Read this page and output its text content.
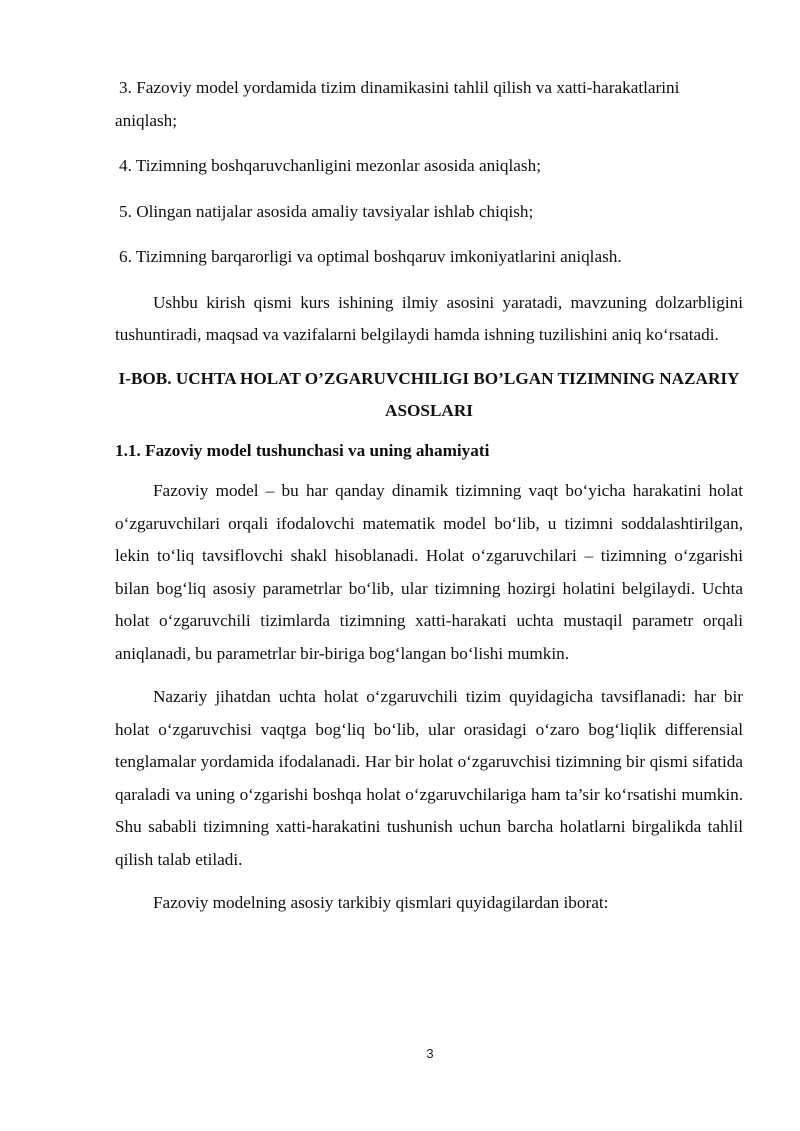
3. Fazoviy model yordamida tizim dinamikasini tahlil qilish va xatti-harakatlarini aniqlash;

4. Tizimning boshqaruvchanligini mezonlar asosida aniqlash;

5. Olingan natijalar asosida amaliy tavsiyalar ishlab chiqish;

6. Tizimning barqarorligi va optimal boshqaruv imkoniyatlarini aniqlash.

Ushbu kirish qismi kurs ishining ilmiy asosini yaratadi, mavzuning dolzarbligini tushuntiradi, maqsad va vazifalarni belgilaydi hamda ishning tuzilishini aniq ko‘rsatadi.

I-BOB. UCHTA HOLAT O’ZGARUVCHILIGI BO’LGAN TIZIMNING NAZARIY ASOSLARI

1.1. Fazoviy model tushunchasi va uning ahamiyati

Fazoviy model – bu har qanday dinamik tizimning vaqt bo‘yicha harakatini holat o‘zgaruvchilari orqali ifodalovchi matematik model bo‘lib, u tizimni soddalashtirilgan, lekin to‘liq tavsiflovchi shakl hisoblanadi. Holat o‘zgaruvchilari – tizimning o‘zgarishi bilan bog‘liq asosiy parametrlar bo‘lib, ular tizimning hozirgi holatini belgilaydi. Uchta holat o‘zgaruvchili tizimlarda tizimning xatti-harakati uchta mustaqil parametr orqali aniqlanadi, bu parametrlar bir-biriga bog‘langan bo‘lishi mumkin.

Nazariy jihatdan uchta holat o‘zgaruvchili tizim quyidagicha tavsiflanadi: har bir holat o‘zgaruvchisi vaqtga bog‘liq bo‘lib, ular orasidagi o‘zaro bog‘liqlik differensial tenglamalar yordamida ifodalanadi. Har bir holat o‘zgaruvchisi tizimning bir qismi sifatida qaraladi va uning o‘zgarishi boshqa holat o‘zgaruvchilariga ham ta’sir ko‘rsatishi mumkin. Shu sababli tizimning xatti-harakatini tushunish uchun barcha holatlarni birgalikda tahlil qilish talab etiladi.

Fazoviy modelning asosiy tarkibiy qismlari quyidagilardan iborat:

3
